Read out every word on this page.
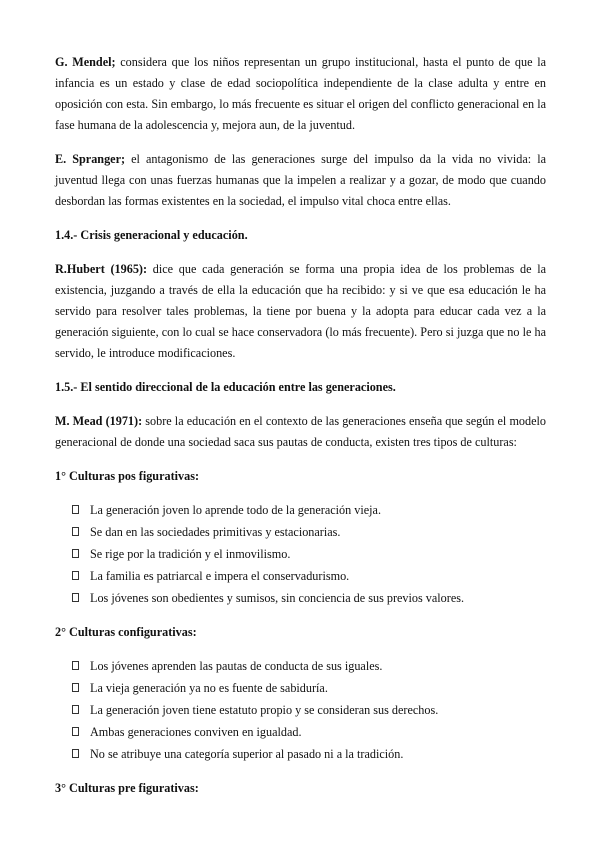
G. Mendel; considera que los niños representan un grupo institucional, hasta el punto de que la infancia es un estado y clase de edad sociopolítica independiente de la clase adulta y entre en oposición con esta. Sin embargo, lo más frecuente es situar el origen del conflicto generacional en la fase humana de la adolescencia y, mejora aun, de la juventud.

E. Spranger; el antagonismo de las generaciones surge del impulso da la vida no vivida: la juventud llega con unas fuerzas humanas que la impelen a realizar y a gozar, de modo que cuando desbordan las formas existentes en la sociedad, el impulso vital choca entre ellas.

1.4.- Crisis generacional y educación.

R.Hubert (1965): dice que cada generación se forma una propia idea de los problemas de la existencia, juzgando a través de ella la educación que ha recibido: y si ve que esa educación le ha servido para resolver tales problemas, la tiene por buena y la adopta para educar cada vez a la generación siguiente, con lo cual se hace conservadora (lo más frecuente). Pero si juzga que no le ha servido, le introduce modificaciones.

1.5.- El sentido direccional de la educación entre las generaciones.

M. Mead (1971): sobre la educación en el contexto de las generaciones enseña que según el modelo generacional de donde una sociedad saca sus pautas de conducta, existen tres tipos de culturas:

1° Culturas pos figurativas:

La generación joven lo aprende todo de la generación vieja.
Se dan en las sociedades primitivas y estacionarias.
Se rige por la tradición y el inmovilismo.
La familia es patriarcal e impera el conservadurismo.
Los jóvenes son obedientes y sumisos, sin conciencia de sus previos valores.

2° Culturas configurativas:

Los jóvenes aprenden las pautas de conducta de sus iguales.
La vieja generación ya no es fuente de sabiduría.
La generación joven tiene estatuto propio y se consideran sus derechos.
Ambas generaciones conviven en igualdad.
No se atribuye una categoría superior al pasado ni a la tradición.

3° Culturas pre figurativas:
